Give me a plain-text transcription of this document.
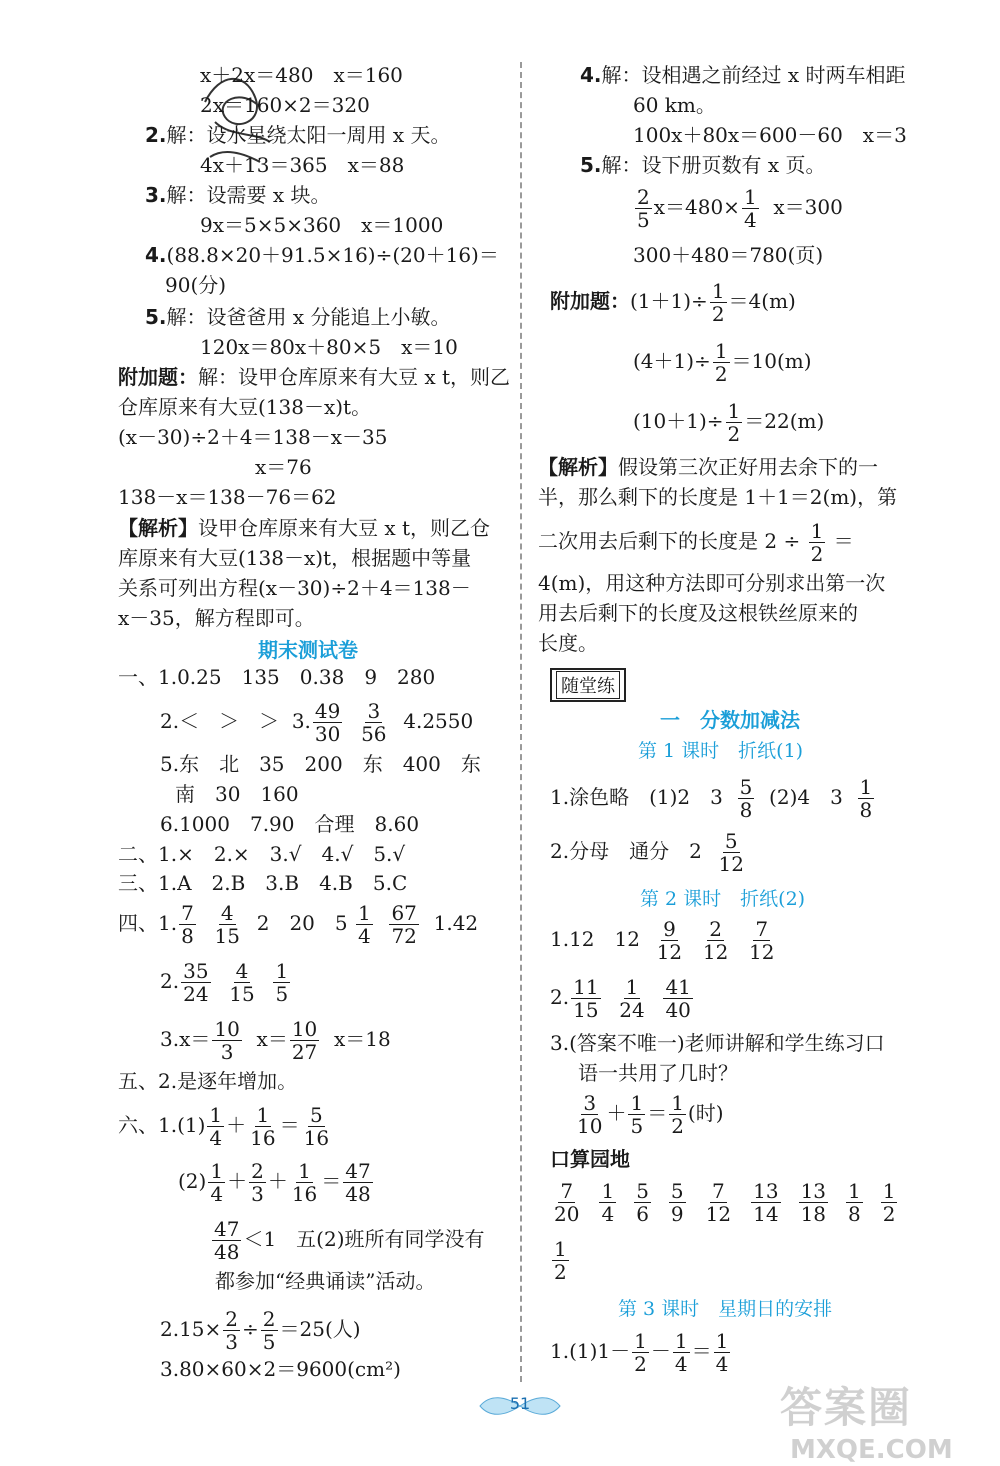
x＋2x＝480　x＝160
2x＝160×2＝320
2.解：设水星绕太阳一周用 x 天。
4x＋13＝365　x＝88
3.解：设需要 x 块。
9x＝5×5×360　x＝1000
4.(88.8×20＋91.5×16)÷(20＋16)＝
90(分)
5.解：设爸爸用 x 分能追上小敏。
120x＝80x＋80×5　x＝10
附加题：解：设甲仓库原来有大豆 x t，则乙
仓库原来有大豆(138－x)t。
(x－30)÷2＋4＝138－x－35
x＝76
138－x＝138－76＝62
【解析】设甲仓库原来有大豆 x t，则乙仓
库原来有大豆(138－x)t，根据题中等量
关系可列出方程(x－30)÷2＋4＝138－
x－35，解方程即可。
期末测试卷
一、1.0.25　135　0.38　9　280
2.＜　＞　＞ 3. $\frac{49}{30}$
$\frac{3}{56} 4.2550$
5.东　北　35　200　东　400　东
南　30　160
6.1000　7.90　合理　8.60
二、1.×　2.×　3.√　4.√　5.√
三、1.A　2.B　3.B　4.B　5.C
四、1. $\frac{7}{8}$
$\frac{4}{15} 2$　20　$5 \frac{1}{4}$
$\frac{67}{72} 1.42$
2. $\frac{35}{24}$
$\frac{4}{15}$
$\frac{1}{5}$
$3.x= \frac{10}{3} x= \frac{10}{27} x=18$
五、2.是逐年增加。
六、$1.(1) \frac{1}{4} + \frac{1}{16} = \frac{5}{16}$
$(2) \frac{1}{4} + \frac{2}{3} + \frac{1}{16} = \frac{47}{48}$
$\frac{47}{48} <1$　五(2)班所有同学没有
都参加“经典诵读”活动。
$2.15\times \frac{2}{3} \div \frac{2}{5} =25$(人)
3.80×60×2＝9600(cm²)
4.解：设相遇之前经过 x 时两车相距
60 km。
100x＋80x＝600－60　x＝3
5.解：设下册页数有 x 页。
$\frac{2}{5} x=480\times \frac{1}{4} x=300$
300＋480＝780(页)
附加题：$(1+1)\div \frac{1}{2} =4(m)$
$(4+1)\div \frac{1}{2} =10(m)$
$(10+1)\div \frac{1}{2} =22(m)$
【解析】假设第三次正好用去余下的一
半，那么剩下的长度是 1＋1＝2(m)，第
二次用去后剩下的长度是 $2 \div \frac{1}{2}$ ＝
4(m)，用这种方法即可分别求出第一次
用去后剩下的长度及这根铁丝原来的
长度。
随堂练
一　分数加减法
第 1 课时　折纸(1)
1.涂色略　(1)2　$3 \frac{5}{8} (2)4$　$3 \frac{1}{8}$
2.分母　通分　$2 \frac{5}{12}$
第 2 课时　折纸(2)
1.12　$12 \frac{9}{12}$
$\frac{2}{12}$
$\frac{7}{12}$
2. $\frac{11}{15}$
$\frac{1}{24}$
$\frac{41}{40}$
3.(答案不唯一)老师讲解和学生练习口
语一共用了几时？
$\frac{3}{10} + \frac{1}{5} = \frac{1}{2}$ (时)
口算园地
$\frac{7}{20} \frac{1}{4} \frac{5}{6} \frac{5}{9} \frac{7}{12} \frac{13}{14} \frac{13}{18} \frac{1}{8} \frac{1}{2}$
$\frac{1}{2}$
第 3 课时　星期日的安排
$1.(1)1- \frac{1}{2} - \frac{1}{4} = \frac{1}{4}$
51	答案圈
MXQE.COM
